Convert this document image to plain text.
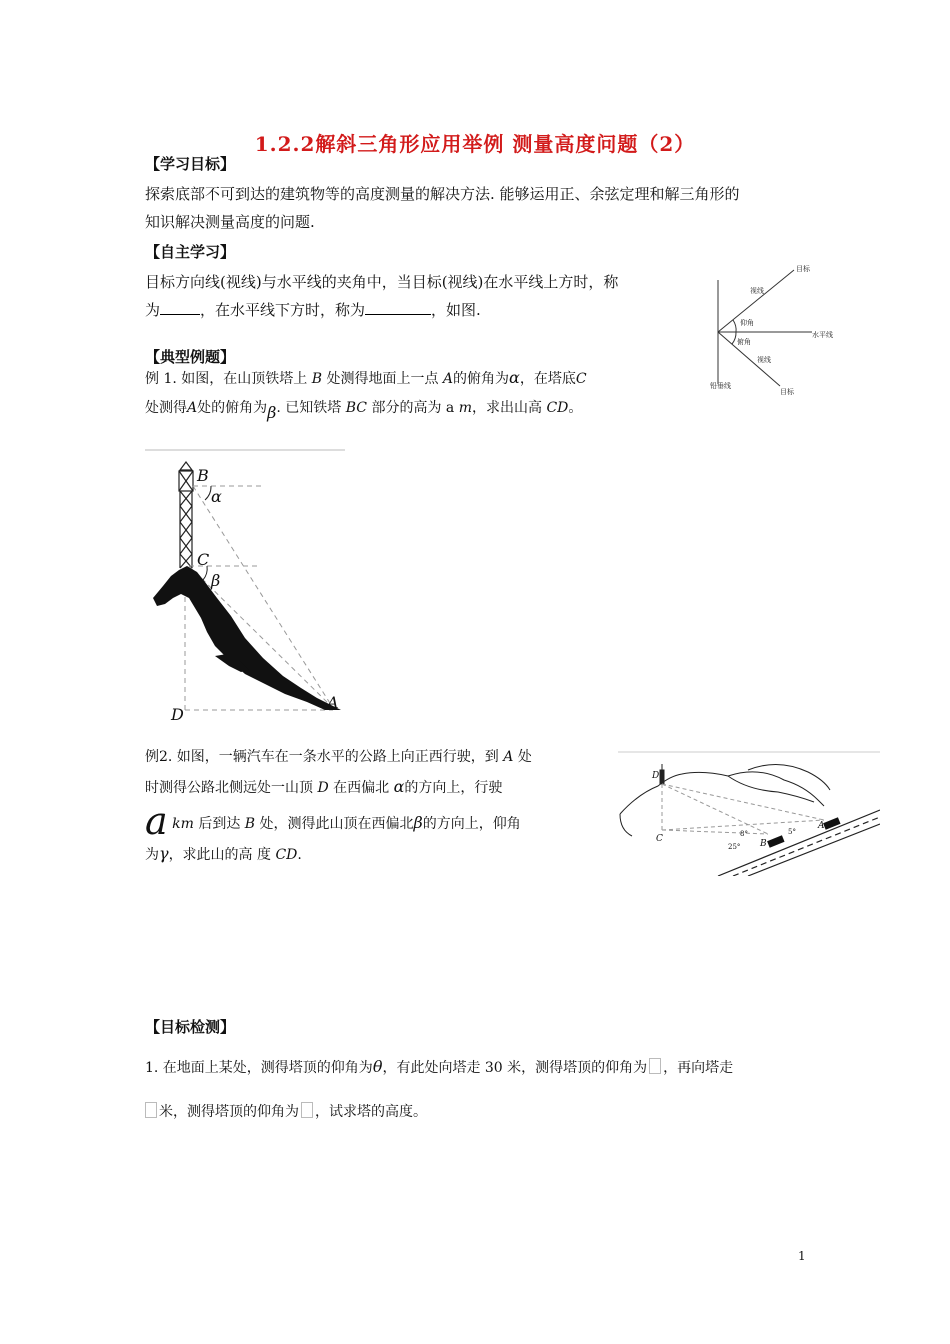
1.2.2解斜三角形应用举例 测量高度问题（2）
【学习目标】
探索底部不可到达的建筑物等的高度测量的解决方法. 能够运用正、余弦定理和解三角形的
知识解决测量高度的问题.
【自主学习】
目标方向线(视线)与水平线的夹角中，当目标(视线)在水平线上方时，称
为	，在水平线下方时，称为	，如图.
目标
视线
仰角
水平线
俯角
视线
铅垂线
目标
【典型例题】
例 1. 如图，在山顶铁塔上 B 处测得地面上一点 A的俯角为α，在塔底C
处测得A处的俯角为β. 已知铁塔 BC 部分的高为 a m，求出山高 CD。
B
α
C
β
D
A
例2. 如图，一辆汽车在一条水平的公路上向正西行驶，到 A 处
时测得公路北侧远处一山顶 D 在西偏北 α的方向上，行驶
a km 后到达 B 处，测得此山顶在西偏北β的方向上，仰角
为γ，求此山的高 度 CD.
D
C	B
A
8°
25°
5°
【目标检测】
1. 在地面上某处，测得塔顶的仰角为θ，有此处向塔走 30 米，测得塔顶的仰角为 ，再向塔走
米，测得塔顶的仰角为 ，试求塔的高度。
1
